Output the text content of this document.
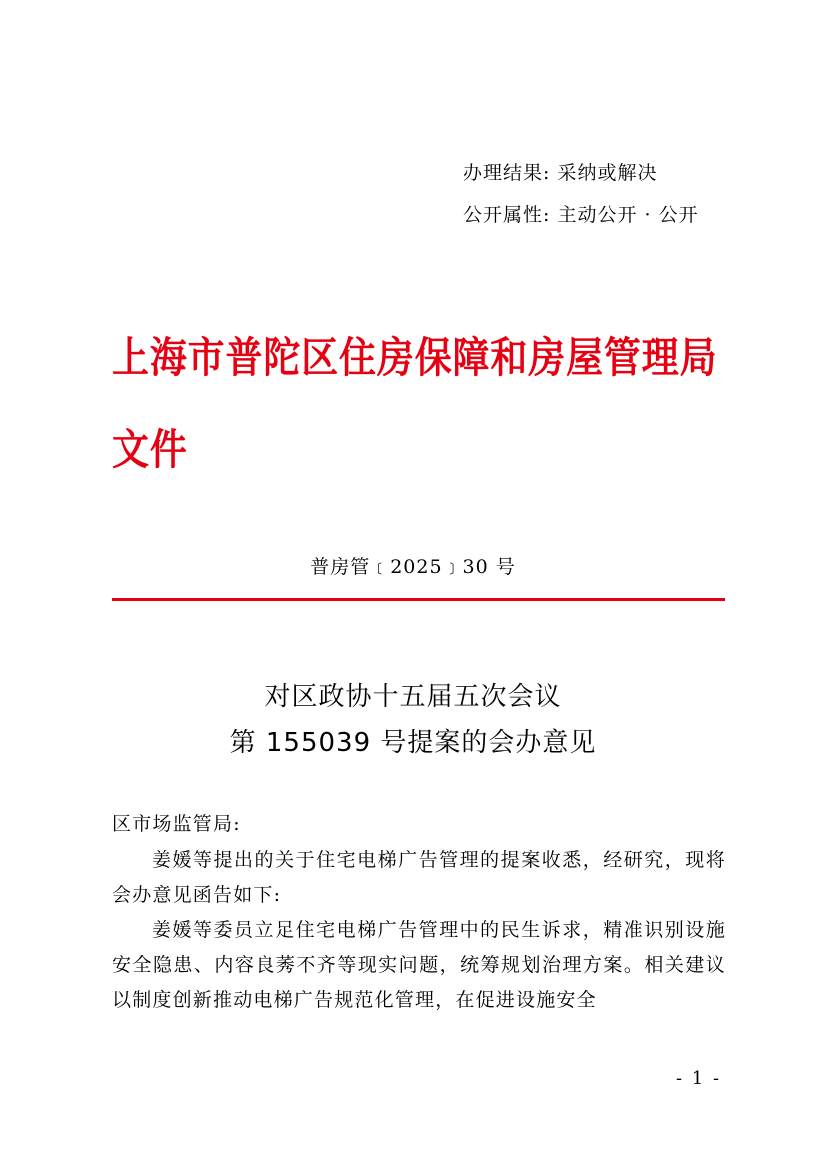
办理结果: 采纳或解决
公开属性: 主动公开 · 公开
上海市普陀区住房保障和房屋管理局文件
普房管﹝2025﹞30 号
对区政协十五届五次会议
第 155039 号提案的会办意见
区市场监管局:
姜媛等提出的关于住宅电梯广告管理的提案收悉，经研究，现将会办意见函告如下:
姜媛等委员立足住宅电梯广告管理中的民生诉求，精准识别设施安全隐患、内容良莠不齐等现实问题，统筹规划治理方案。相关建议以制度创新推动电梯广告规范化管理，在促进设施安全
- 1 -
